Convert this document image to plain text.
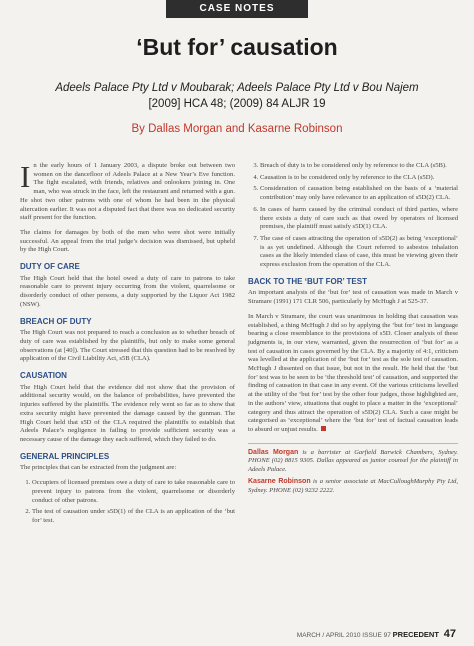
CASE NOTES
‘But for’ causation
Adeels Palace Pty Ltd v Moubarak; Adeels Palace Pty Ltd v Bou Najem
[2009] HCA 48; (2009) 84 ALJR 19
By Dallas Morgan and Kasarne Robinson

In the early hours of 1 January 2003, a dispute broke out between two women on the dancefloor of Adeels Palace at a New Year’s Eve function. The fight escalated, with friends, relatives and onlookers joining in. One man, who was struck in the face, left the restaurant and returned with a gun. He shot two other patrons with one of whom he had been in the physical altercation earlier. It was not a disputed fact that there was no dedicated security staff present for the function.

The claims for damages by both of the men who were shot were initially successful. An appeal from the trial judge’s decision was dismissed, but upheld by the High Court.

DUTY OF CARE

The High Court held that the hotel owed a duty of care to patrons to take reasonable care to prevent injury occurring from the violent, quarrelsome or disorderly conduct of other persons, a duty supported by the Liquor Act 1982 (NSW).

BREACH OF DUTY

The High Court was not prepared to reach a conclusion as to whether breach of duty of care was established by the plaintiffs, but only to make some general observations (at [40]). The Court stressed that this question had to be resolved by application of the Civil Liability Act, s5B (CLA).

CAUSATION

The High Court held that the evidence did not show that the provision of additional security would, on the balance of probabilities, have prevented the injuries suffered by the plaintiffs. The evidence rely went so far as to show that extra security might have prevented the damage caused by the gunman. The High Court held that s5D of the CLA required the plaintiffs to establish that Adeels Palace’s negligence in failing to provide sufficient security was a necessary cause of the damage they each suffered, which they failed to do.

GENERAL PRINCIPLES

The principles that can be extracted from the judgment are:

1. Occupiers of licensed premises owe a duty of care to take reasonable care to prevent injury to patrons from the violent, quarrelsome or disorderly conduct of other patrons.
2. The test of causation under s5D(1) of the CLA is an application of the ‘but for’ test.
3. Breach of duty is to be considered only by reference to the CLA (s5B).
4. Causation is to be considered only by reference to the CLA (s5D).
5. Consideration of causation being established on the basis of a ‘material contribution’ may only have relevance to an application of s5D(2) CLA.
6. In cases of harm caused by the criminal conduct of third parties, where there exists a duty of care such as that owed by operators of licensed premises, the plaintiff must satisfy s5D(1) CLA.
7. The case of cases attracting the operation of s5D(2) as being ‘exceptional’ is as yet undefined. Although the Court referred to asbestos inhalation cases as the likely intended class of case, this must be viewing given their express exclusion from the operation of the CLA.
BACK TO THE ‘BUT FOR’ TEST

An important analysis of the ‘but for’ test of causation was made in March v Stramare (1991) 171 CLR 506, particularly by McHugh J at 525-37.

In March v Stramare, the court was unanimous in holding that causation was established, a thing McHugh J did so by applying the ‘but for’ test in language bearing a close resemblance to the provisions of s5D. Closer analysis of these judgments is, in our view, warranted, given the resurrection of ‘but for’ as a test of causation in cases governed by the CLA. By a majority of 4:1, criticism was levelled at the application of the ‘but for’ test as the sole test of causation. McHugh J dissented on that issue, but not in the result. He held that the ‘but for’ test was to be seen to be ‘the threshold test’ of causation, and supported the finding of causation in that case in any event. Of the various criticisms levelled at the utility of the ‘but for’ test by the other four judges, those highlighted are, in the authors’ view, situations that ought to place a matter in the ‘exceptional’ category and thus attract the operation of s5D(2) CLA. Such a case might be categorised as ‘exceptional’ where the ‘but for’ test of factual causation leads to absurd or unjust results.

Dallas Morgan is a barrister at Garfield Barwick Chambers, Sydney. PHONE (02) 8815 9305. Dallas appeared as junior counsel for the plaintiff in Adeels Palace.

Kasarne Robinson is a senior associate at MacCulloughMurphy Pty Ltd, Sydney. PHONE (02) 9232 2222.

MARCH / APRIL 2010 ISSUE 97 PRECEDENT 47
